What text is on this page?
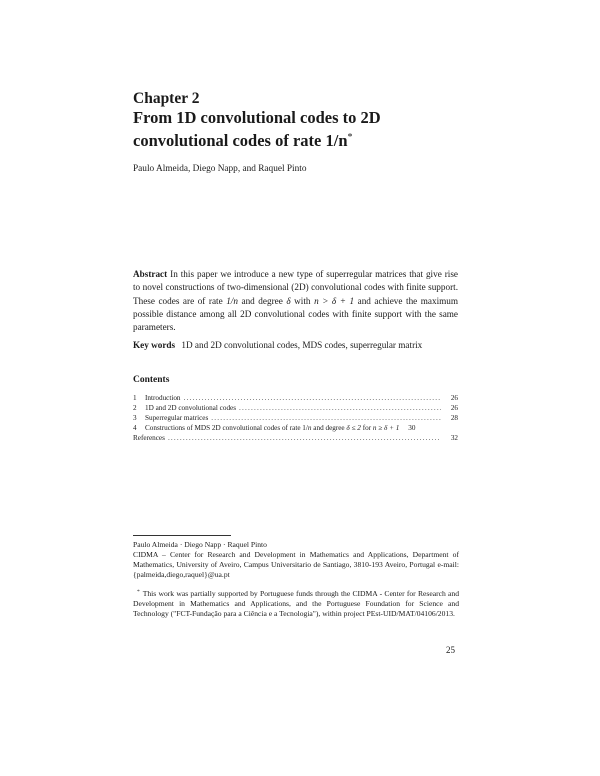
Chapter 2
From 1D convolutional codes to 2D convolutional codes of rate 1/n*
Paulo Almeida, Diego Napp, and Raquel Pinto
Abstract In this paper we introduce a new type of superregular matrices that give rise to novel constructions of two-dimensional (2D) convolutional codes with finite support. These codes are of rate 1/n and degree δ with n > δ + 1 and achieve the maximum possible distance among all 2D convolutional codes with finite support with the same parameters.
Key words 1D and 2D convolutional codes, MDS codes, superregular matrix
Contents
1	Introduction .....	26
2	1D and 2D convolutional codes .....	26
3	Superregular matrices .....	28
4	Constructions of MDS 2D convolutional codes of rate 1/n and degree δ ≤ 2 for n ≥ δ + 1	30
References .....	32
Paulo Almeida · Diego Napp · Raquel Pinto
CIDMA – Center for Research and Development in Mathematics and Applications, Department of Mathematics, University of Aveiro, Campus Universitario de Santiago, 3810-193 Aveiro, Portugal e-mail: {palmeida,diego,raquel}@ua.pt
* This work was partially supported by Portuguese funds through the CIDMA - Center for Research and Development in Mathematics and Applications, and the Portuguese Foundation for Science and Technology ("FCT-Fundação para a Ciência e a Tecnologia"), within project PEst-UID/MAT/04106/2013.
25
